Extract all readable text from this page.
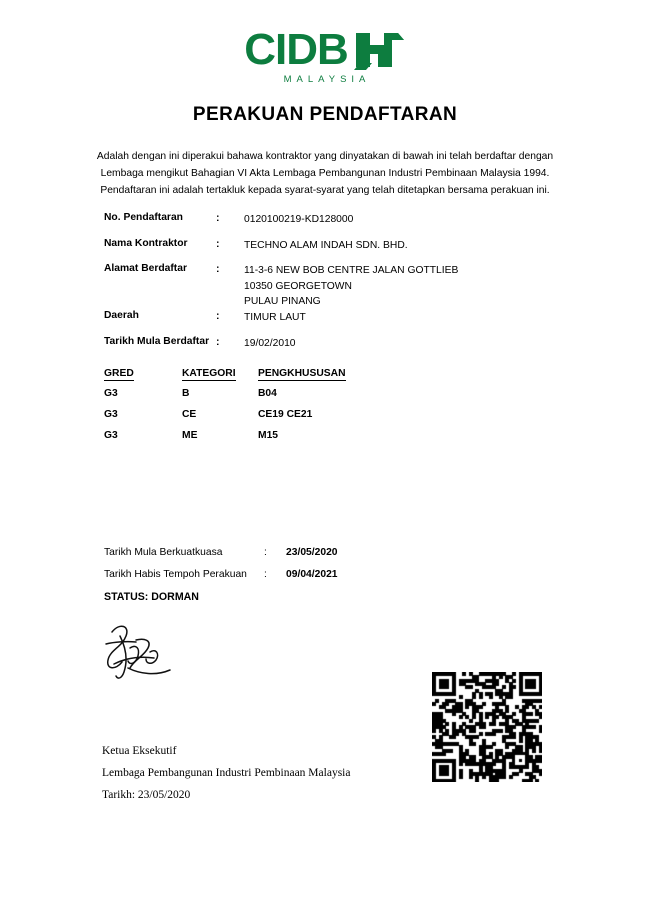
CIDB
MALAYSIA
PERAKUAN PENDAFTARAN
Adalah dengan ini diperakui bahawa kontraktor yang dinyatakan di bawah ini telah berdaftar dengan Lembaga mengikut Bahagian VI Akta Lembaga Pembangunan Industri Pembinaan Malaysia 1994. Pendaftaran ini adalah tertakluk kepada syarat-syarat yang telah ditetapkan bersama perakuan ini.
No. Pendaftaran	:	0120100219-KD128000
Nama Kontraktor	:	TECHNO ALAM INDAH SDN. BHD.
Alamat Berdaftar	:	11-3-6 NEW BOB CENTRE JALAN GOTTLIEB
10350 GEORGETOWN
PULAU PINANG
Daerah	:	TIMUR LAUT
Tarikh Mula Berdaftar :	19/02/2010
GRED	KATEGORI	PENGKHUSUSAN
G3	B	B04
G3	CE	CE19 CE21
G3	ME	M15
Tarikh Mula Berkuatkuasa	:	23/05/2020
Tarikh Habis Tempoh Perakuan	:	09/04/2021
STATUS: DORMAN
Ketua Eksekutif
Lembaga Pembangunan Industri Pembinaan Malaysia
Tarikh: 23/05/2020
